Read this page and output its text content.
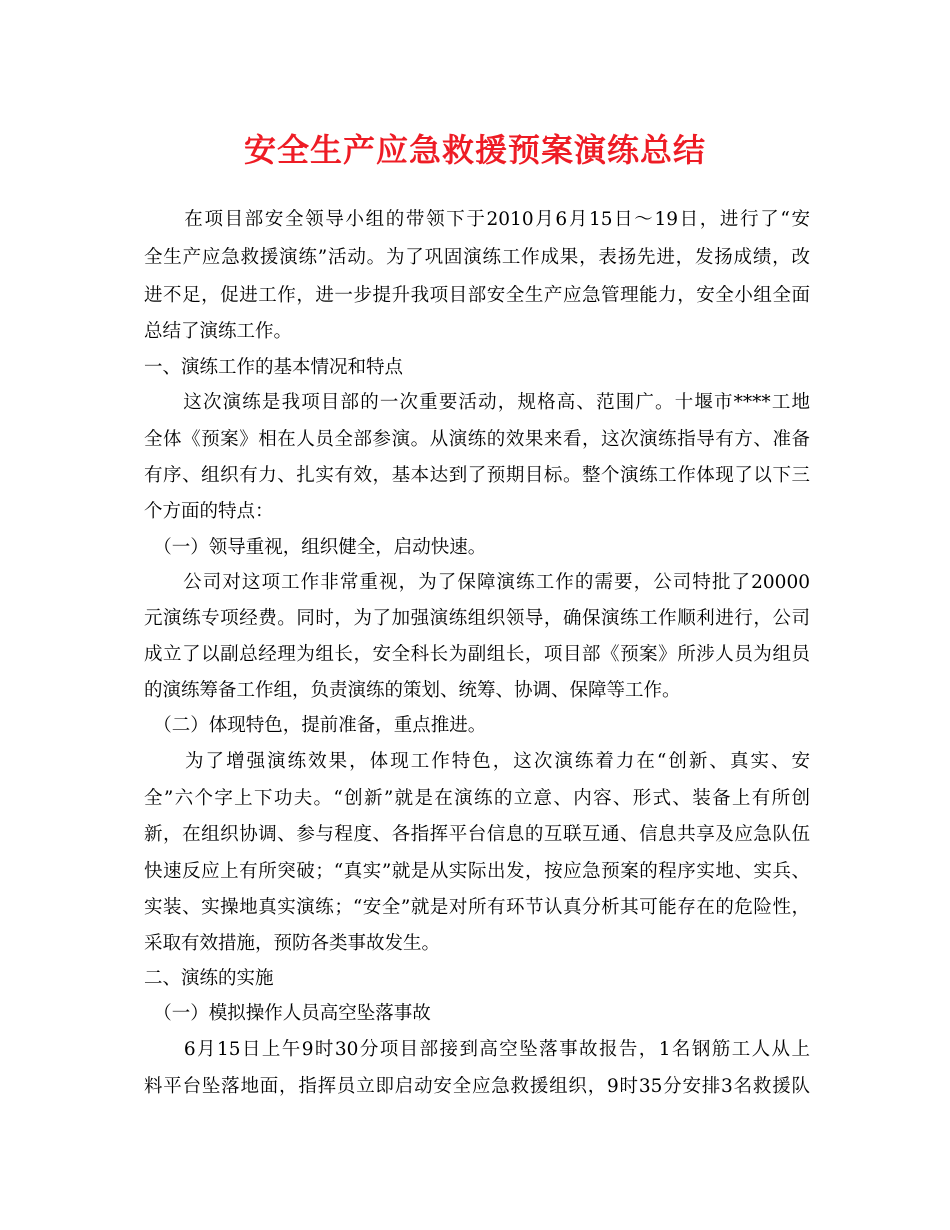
安全生产应急救援预案演练总结
　　在项目部安全领导小组的带领下于2010月6月15日～19日，进行了“安
全生产应急救援演练”活动。为了巩固演练工作成果，表扬先进，发扬成绩，改
进不足，促进工作，进一步提升我项目部安全生产应急管理能力，安全小组全面
总结了演练工作。
一、演练工作的基本情况和特点
　　这次演练是我项目部的一次重要活动，规格高、范围广。十堰市****工地
全体《预案》相在人员全部参演。从演练的效果来看，这次演练指导有方、准备
有序、组织有力、扎实有效，基本达到了预期目标。整个演练工作体现了以下三
个方面的特点：
　（一）领导重视，组织健全，启动快速。
　　公司对这项工作非常重视，为了保障演练工作的需要，公司特批了20000
元演练专项经费。同时，为了加强演练组织领导，确保演练工作顺利进行，公司
成立了以副总经理为组长，安全科长为副组长，项目部《预案》所涉人员为组员
的演练筹备工作组，负责演练的策划、统筹、协调、保障等工作。
　（二）体现特色，提前准备，重点推进。
　　为了增强演练效果，体现工作特色，这次演练着力在“创新、真实、安
全”六个字上下功夫。“创新”就是在演练的立意、内容、形式、装备上有所创
新，在组织协调、参与程度、各指挥平台信息的互联互通、信息共享及应急队伍
快速反应上有所突破；“真实”就是从实际出发，按应急预案的程序实地、实兵、
实装、实操地真实演练；“安全”就是对所有环节认真分析其可能存在的危险性，
采取有效措施，预防各类事故发生。
二、演练的实施
　（一）模拟操作人员高空坠落事故
　　6月15日上午9时30分项目部接到高空坠落事故报告，1名钢筋工人从上
料平台坠落地面，指挥员立即启动安全应急救援组织，9时35分安排3名救援队
